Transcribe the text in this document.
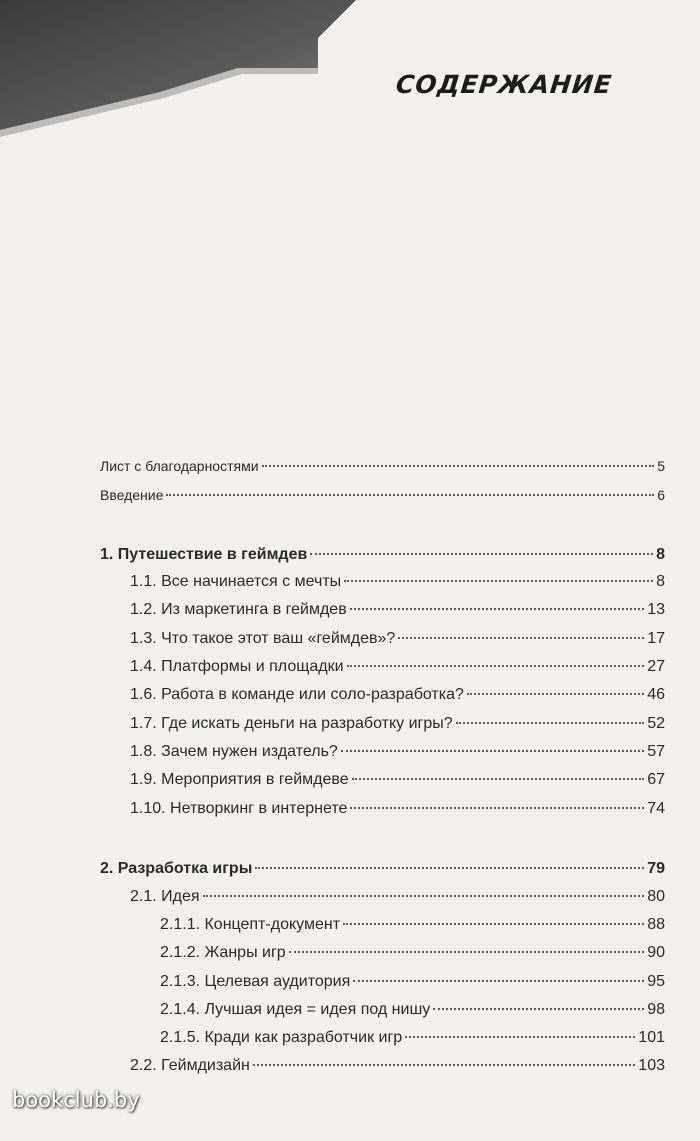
СОДЕРЖАНИЕ
Лист с благодарностями	5
Введение	6
1. Путешествие в геймдев	8
1.1. Все начинается с мечты	8
1.2. Из маркетинга в геймдев	13
1.3. Что такое этот ваш «геймдев»?	17
1.4. Платформы и площадки	27
1.6. Работа в команде или соло-разработка?	46
1.7. Где искать деньги на разработку игры?	52
1.8. Зачем нужен издатель?	57
1.9. Мероприятия в геймдеве	67
1.10. Нетворкинг в интернете	74
2. Разработка игры	79
2.1. Идея	80
2.1.1. Концепт-документ	88
2.1.2. Жанры игр	90
2.1.3. Целевая аудитория	95
2.1.4. Лучшая идея = идея под нишу	98
2.1.5. Кради как разработчик игр	101
2.2. Геймдизайн	103
bookclub.by
